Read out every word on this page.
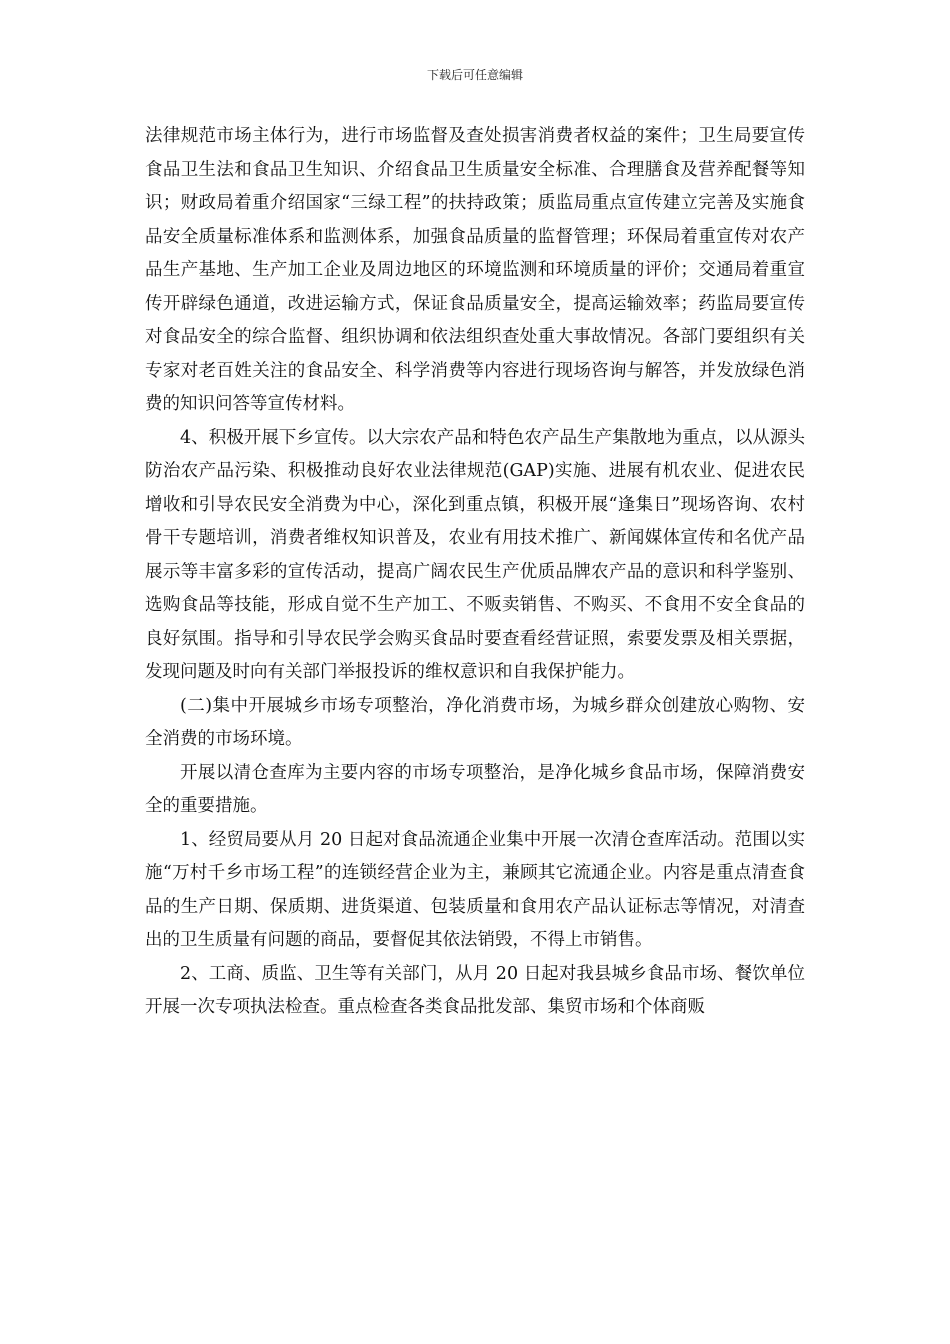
下载后可任意编辑

法律规范市场主体行为，进行市场监督及查处损害消费者权益的案件；卫生局要宣传食品卫生法和食品卫生知识、介绍食品卫生质量安全标准、合理膳食及营养配餐等知识；财政局着重介绍国家“三绿工程”的扶持政策；质监局重点宣传建立完善及实施食品安全质量标准体系和监测体系，加强食品质量的监督管理；环保局着重宣传对农产品生产基地、生产加工企业及周边地区的环境监测和环境质量的评价；交通局着重宣传开辟绿色通道，改进运输方式，保证食品质量安全，提高运输效率；药监局要宣传对食品安全的综合监督、组织协调和依法组织查处重大事故情况。各部门要组织有关专家对老百姓关注的食品安全、科学消费等内容进行现场咨询与解答，并发放绿色消费的知识问答等宣传材料。

4、积极开展下乡宣传。以大宗农产品和特色农产品生产集散地为重点，以从源头防治农产品污染、积极推动良好农业法律规范(GAP)实施、进展有机农业、促进农民增收和引导农民安全消费为中心，深化到重点镇，积极开展“逢集日”现场咨询、农村骨干专题培训，消费者维权知识普及，农业有用技术推广、新闻媒体宣传和名优产品展示等丰富多彩的宣传活动，提高广阔农民生产优质品牌农产品的意识和科学鉴别、选购食品等技能，形成自觉不生产加工、不贩卖销售、不购买、不食用不安全食品的良好氛围。指导和引导农民学会购买食品时要查看经营证照，索要发票及相关票据，发现问题及时向有关部门举报投诉的维权意识和自我保护能力。

(二)集中开展城乡市场专项整治，净化消费市场，为城乡群众创建放心购物、安全消费的市场环境。

开展以清仓查库为主要内容的市场专项整治，是净化城乡食品市场，保障消费安全的重要措施。

1、经贸局要从月 20 日起对食品流通企业集中开展一次清仓查库活动。范围以实施“万村千乡市场工程”的连锁经营企业为主，兼顾其它流通企业。内容是重点清查食品的生产日期、保质期、进货渠道、包装质量和食用农产品认证标志等情况，对清查出的卫生质量有问题的商品，要督促其依法销毁，不得上市销售。

2、工商、质监、卫生等有关部门，从月 20 日起对我县城乡食品市场、餐饮单位开展一次专项执法检查。重点检查各类食品批发部、集贸市场和个体商贩
